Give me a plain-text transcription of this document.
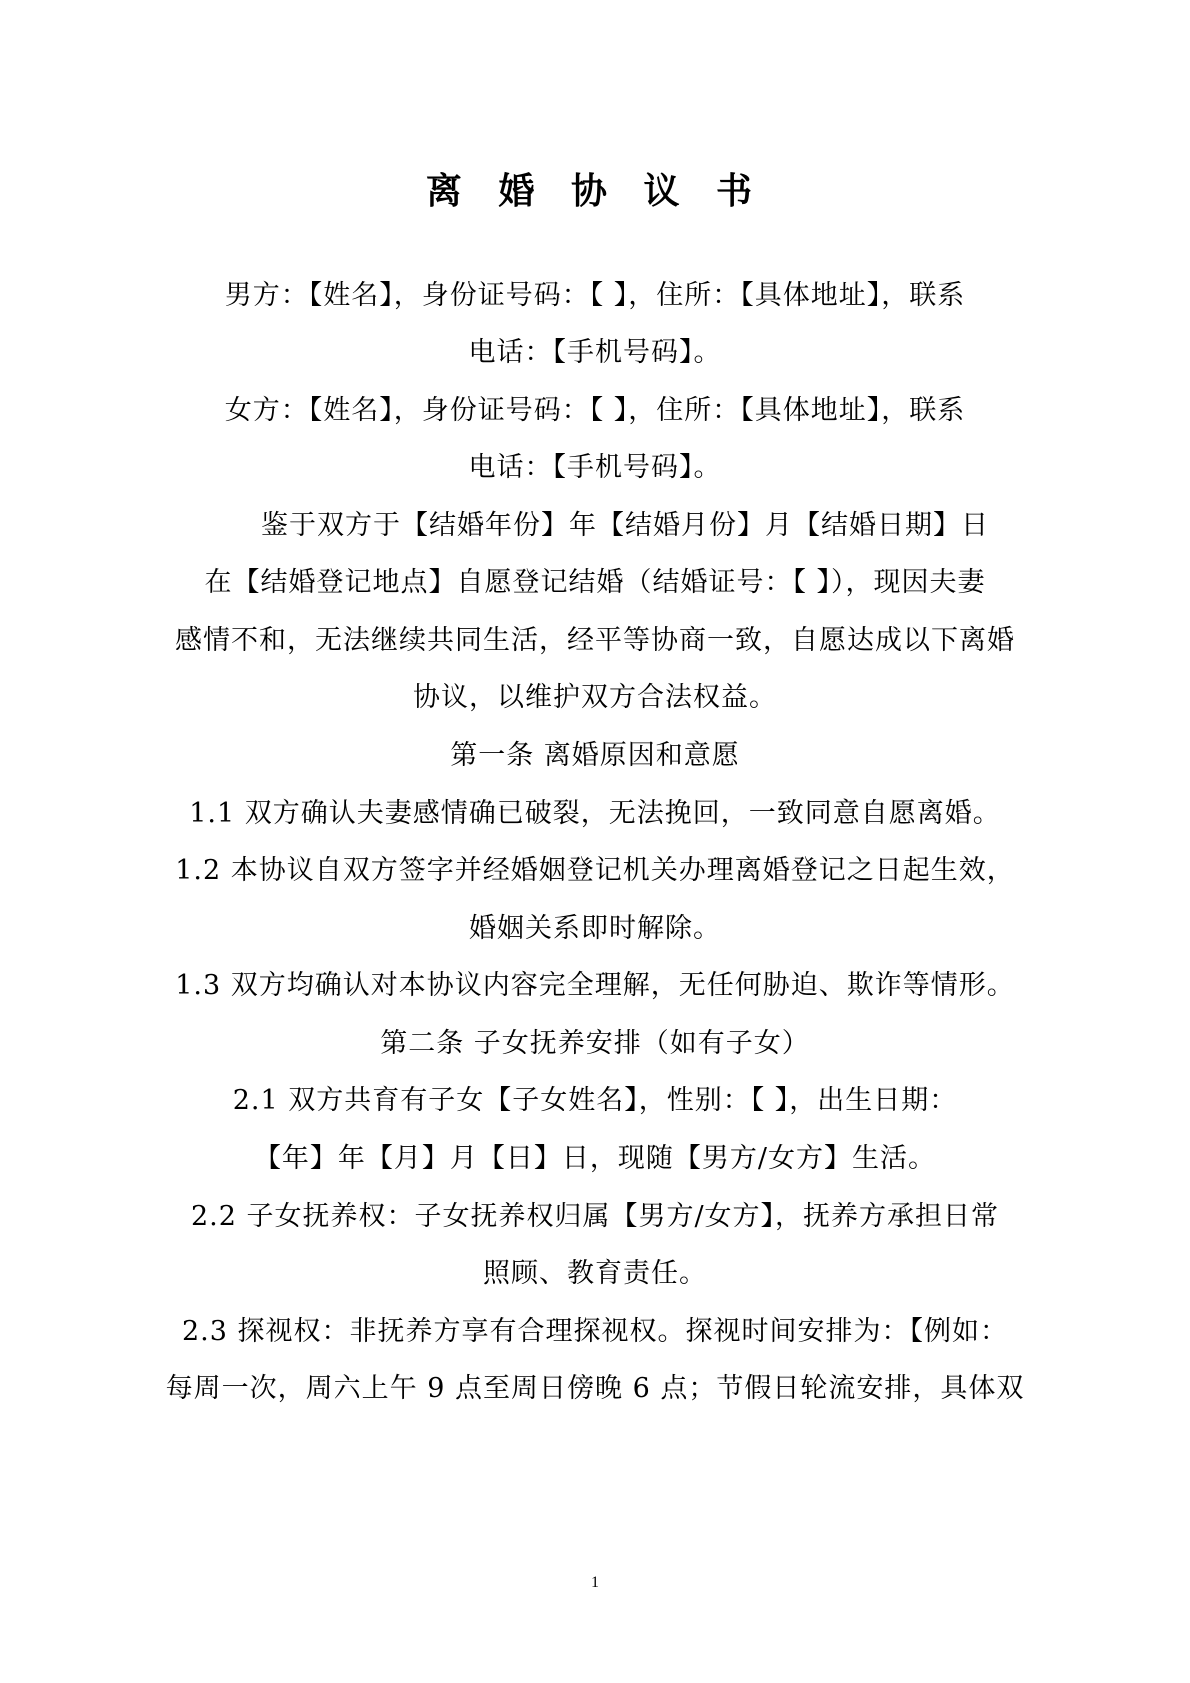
离 婚 协 议 书
男方：【姓名】，身份证号码：【 】，住所：【具体地址】，联系
电话：【手机号码】。
女方：【姓名】，身份证号码：【 】，住所：【具体地址】，联系
电话：【手机号码】。
鉴于双方于【结婚年份】年【结婚月份】月【结婚日期】日
在【结婚登记地点】自愿登记结婚（结婚证号：【 】），现因夫妻
感情不和，无法继续共同生活，经平等协商一致，自愿达成以下离婚
协议，以维护双方合法权益。
第一条 离婚原因和意愿
1.1 双方确认夫妻感情确已破裂，无法挽回，一致同意自愿离婚。
1.2 本协议自双方签字并经婚姻登记机关办理离婚登记之日起生效，
婚姻关系即时解除。
1.3 双方均确认对本协议内容完全理解，无任何胁迫、欺诈等情形。
第二条 子女抚养安排（如有子女）
2.1 双方共育有子女【子女姓名】，性别：【 】，出生日期：
【年】年【月】月【日】日，现随【男方/女方】生活。
2.2 子女抚养权：子女抚养权归属【男方/女方】，抚养方承担日常
照顾、教育责任。
2.3 探视权：非抚养方享有合理探视权。探视时间安排为：【例如：
每周一次，周六上午 9 点至周日傍晚 6 点；节假日轮流安排，具体双
1
